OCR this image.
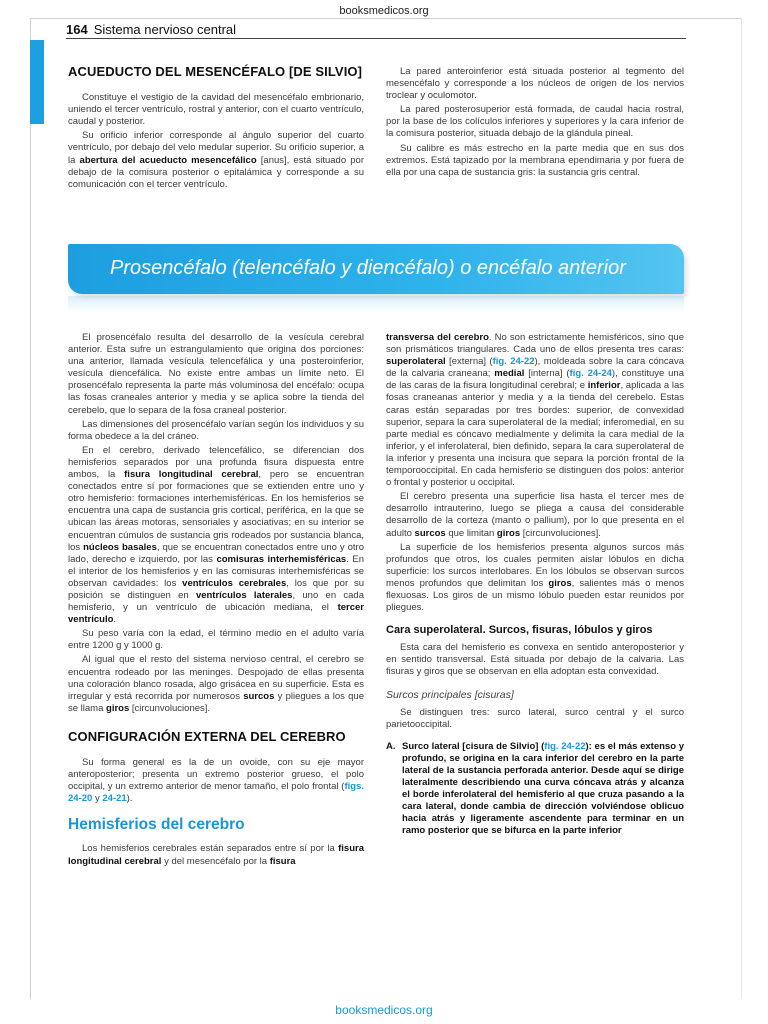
booksmedicos.org
164 Sistema nervioso central
ACUEDUCTO DEL MESENCÉFALO [DE SILVIO]

Constituye el vestigio de la cavidad del mesencéfalo embrionario, uniendo el tercer ventrículo, rostral y anterior, con el cuarto ventrículo, caudal y posterior.

Su orificio inferior corresponde al ángulo superior del cuarto ventrículo, por debajo del velo medular superior. Su orificio superior, a la abertura del acueducto mesencefálico [anus], está situado por debajo de la comisura posterior o epitalámica y corresponde a su comunicación con el tercer ventrículo.

La pared anteroinferior está situada posterior al tegmento del mesencéfalo y corresponde a los núcleos de origen de los nervios troclear y oculomotor.

La pared posterosuperior está formada, de caudal hacia rostral, por la base de los colículos inferiores y superiores y la cara inferior de la comisura posterior, situada debajo de la glándula pineal.

Su calibre es más estrecho en la parte media que en sus dos extremos. Está tapizado por la membrana ependimaria y por fuera de ella por una capa de sustancia gris: la sustancia gris central.

Prosencéfalo (telencéfalo y diencéfalo) o encéfalo anterior

El prosencéfalo resulta del desarrollo de la vesícula cerebral anterior. Esta sufre un estrangulamiento que origina dos porciones: una anterior, llamada vesícula telencefálica y una posteroinferior, vesícula diencefálica. No existe entre ambas un límite neto. El prosencéfalo representa la parte más voluminosa del encéfalo: ocupa las fosas craneales anterior y media y se aplica sobre la tienda del cerebelo, que lo separa de la fosa craneal posterior.

Las dimensiones del prosencéfalo varían según los individuos y su forma obedece a la del cráneo.

En el cerebro, derivado telencefálico, se diferencian dos hemisferios separados por una profunda fisura dispuesta entre ambos, la fisura longitudinal cerebral, pero se encuentran conectados entre sí por formaciones que se extienden entre uno y otro hemisferio: formaciones interhemisféricas. En los hemisferios se encuentra una capa de sustancia gris cortical, periférica, en la que se ubican las áreas motoras, sensoriales y asociativas; en su interior se encuentran cúmulos de sustancia gris rodeados por sustancia blanca, los núcleos basales, que se encuentran conectados entre uno y otro lado, derecho e izquierdo, por las comisuras interhemisféricas. En el interior de los hemisferios y en las comisuras interhemisféricas se observan cavidades: los ventrículos cerebrales, los que por su posición se distinguen en ventrículos laterales, uno en cada hemisferio, y un ventrículo de ubicación mediana, el tercer ventrículo.

Su peso varía con la edad, el término medio en el adulto varía entre 1200 g y 1000 g.

Al igual que el resto del sistema nervioso central, el cerebro se encuentra rodeado por las meninges. Despojado de ellas presenta una coloración blanco rosada, algo grisácea en su superficie. Esta es irregular y está recorrida por numerosos surcos y pliegues a los que se llama giros [circunvoluciones].

CONFIGURACIÓN EXTERNA DEL CEREBRO

Su forma general es la de un ovoide, con su eje mayor anteroposterior; presenta un extremo posterior grueso, el polo occipital, y un extremo anterior de menor tamaño, el polo frontal (figs. 24-20 y 24-21).

Hemisferios del cerebro

Los hemisferios cerebrales están separados entre sí por la fisura longitudinal cerebral y del mesencéfalo por la fisura

transversa del cerebro. No son estrictamente hemisféricos, sino que son prismáticos triangulares. Cada uno de ellos presenta tres caras: superolateral [externa] (fig. 24-22), moldeada sobre la cara cóncava de la calvaria craneana; medial [interna] (fig. 24-24), constituye una de las caras de la fisura longitudinal cerebral; e inferior, aplicada a las fosas craneanas anterior y media y a la tienda del cerebelo. Estas caras están separadas por tres bordes: superior, de convexidad superior, separa la cara superolateral de la medial; inferomedial, en su parte medial es cóncavo medialmente y delimita la cara medial de la inferior, y el inferolateral, bien definido, separa la cara superolateral de la inferior y presenta una incisura que separa la porción frontal de la temporooccipital. En cada hemisferio se distinguen dos polos: anterior o frontal y posterior u occipital.

El cerebro presenta una superficie lisa hasta el tercer mes de desarrollo intrauterino, luego se pliega a causa del considerable desarrollo de la corteza (manto o pallium), por lo que presenta en el adulto surcos que limitan giros [circunvoluciones].

La superficie de los hemisferios presenta algunos surcos más profundos que otros, los cuales permiten aislar lóbulos en dicha superficie: los surcos interlobares. En los lóbulos se observan surcos menos profundos que delimitan los giros, salientes más o menos flexuosas. Los giros de un mismo lóbulo pueden estar reunidos por pliegues.

Cara superolateral. Surcos, fisuras, lóbulos y giros

Esta cara del hemisferio es convexa en sentido anteroposterior y en sentido transversal. Está situada por debajo de la calvaria. Las fisuras y giros que se observan en ella adoptan esta convexidad.

Surcos principales [cisuras]

Se distinguen tres: surco lateral, surco central y el surco parietooccipital.

A. Surco lateral [cisura de Silvio] (fig. 24-22): es el más extenso y profundo, se origina en la cara inferior del cerebro en la parte lateral de la sustancia perforada anterior. Desde aquí se dirige lateralmente describiendo una curva cóncava atrás y alcanza el borde inferolateral del hemisferio al que cruza pasando a la cara lateral, donde cambia de dirección volviéndose oblicuo hacia atrás y ligeramente ascendente para terminar en un ramo posterior que se bifurca en la parte inferior

booksmedicos.org
